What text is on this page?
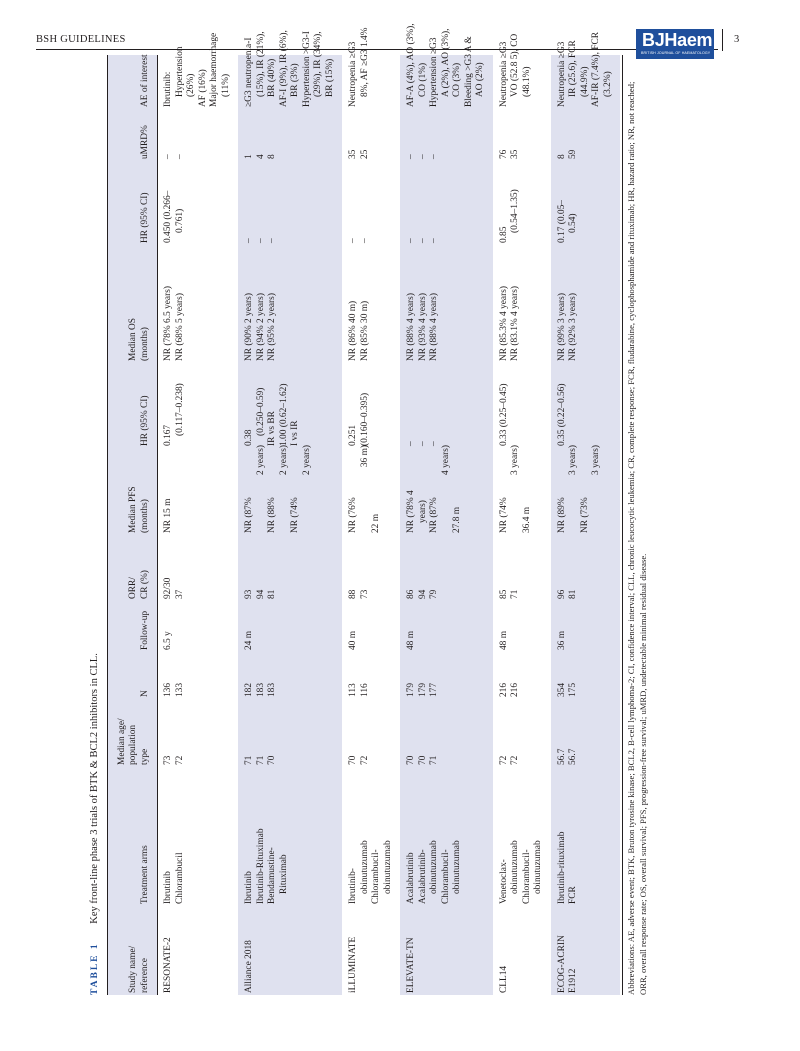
BSH GUIDELINES	BJHaem
BRITISH JOURNAL OF HAEMATOLOGY
3
TABLE 1 Key front-line phase 3 trials of BTK & BCL2 inhibitors in CLL.
Study name/ reference
Treatment arms
Median age/ population type
N
Follow-up
ORR/ CR (%)
Median PFS (months)
HR (95% CI)
Median OS (months)
HR (95% CI)
uMRD%
AE of interest
RESONATE-2
Ibrutinib Chlorambucil
73 72
136 133
6.5 y
92/30 37
NR 15 m
0.167 (0.117–0.238)
NR (78% 6.5 years) NR (68% 5 years)
0.450 (0.266– 0.761)
– –
Ibrutinib: Hypertension (26%) AF (16%) Major haemorrhage (11%)
Alliance 2018
Ibrutinib Ibrutinib-Rituximab Bendamustine- Rituximab
71 71 70
182 183 183
24 m
93 94 81
NR (87%
2 years)
NR (88%
2 years)
NR (74%
2 years)
0.38
(0.250–0.59) IR vs BR 1.00 (0.62–1.62) I vs IR
NR (90% 2 years) NR (94% 2 years) NR (95% 2 years)
– – –
1 4 8
≥G3 neutropenia-I (15%), IR (21%), BR (40%) AF-I (9%), IR (6%), BR (3%) Hypertension >G3-I (29%), IR (34%), BR (15%)
iLLUMINATE
Ibrutinib- obinutuzumab Chlorambucil- obinutuzumab
70 72
113 116
40 m
88 73
NR (76%
36 m)
22 m
0.251 (0.160–0.395)
NR (86% 40 m) NR (85% 30 m)
– –
35 25
Neutropenia ≥G3 8%, AF ≥G3 1.4%
ELEVATE-TN
Acalabrutinib Acalabrutinib- obinutuzumab Chlorambucil- obinutuzumab
70 70 71
179 179 177
48 m
86 94 79
NR (78% 4 years) NR (87%
4 years)
27.8 m
– – –
NR (88% 4 years) NR (93% 4 years) NR (88% 4 years)
– – –
– – –
AF-A (4%), AO (3%), CO (1%) Hypertension ≥G3 A (2%), AO (3%), CO (3%) Bleeding >G3 A & AO (2%)
CLL14
Venetoclax- obinutuzumab Chlorambucil- obinutuzumab
72 72
216 216
48 m
85 71
NR (74%
3 years)
36.4 m
0.33 (0.25–0.45)
NR (85.3% 4 years) NR (83.1% 4 years)
0.85
(0.54–1.35)
76 35
Neutropenia ≥G3 VO (52.8 5), CO (48.1%)
ECOG-ACRIN E1912
Ibrutinib-rituximab FCR
56.7 56.7
354 175
36 m
96 81
NR (89%
3 years)
NR (73%
3 years)
0.35 (0.22–0.56)
NR (99% 3 years) NR (92% 3 years)
0.17 (0.05– 0.54)
8 59
Neutropenia ≥G3 IR (25.6), FCR (44.9%) AF-IR (7.4%), FCR (3.2%) Abbreviations: AE, adverse event; BTK, Bruton tyrosine kinase; BCL2, B-cell lymphoma-2; CI, confidence interval; CLL, chronic leucocytic leukemia; CR, complete response; FCR, fludarabine, cyclophosphamide and rituximab; HR, hazard ratio; NR, not reached; ORR, overall response rate; OS, overall survival; PFS, progression-free survival; uMRD, undetectable minimal residual disease.
